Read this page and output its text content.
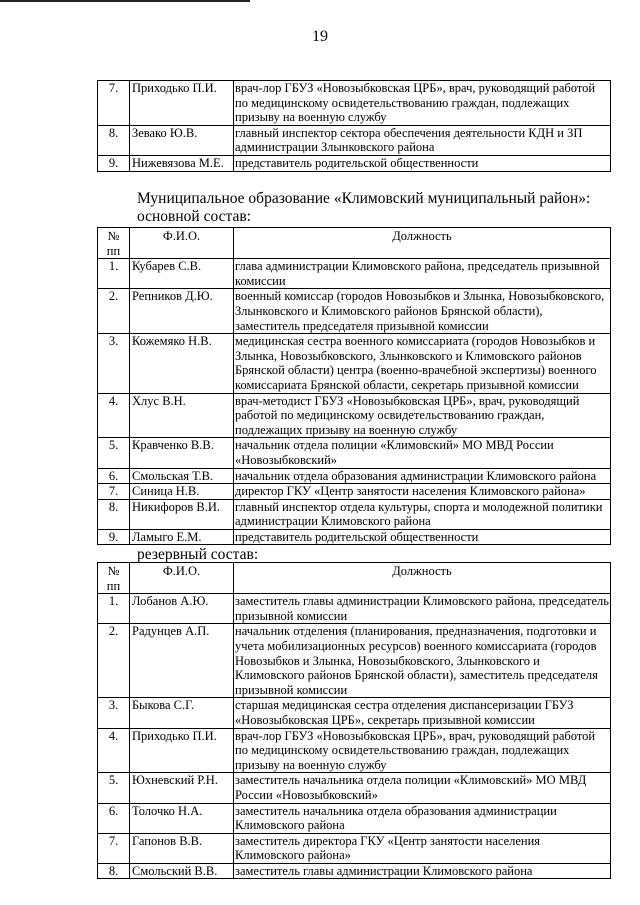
19
7.	Приходько П.И.	врач-лор ГБУЗ «Новозыбковская ЦРБ», врач, руководящий работой по медицинскому освидетельствованию граждан, подлежащих призыву на военную службу
8.	Зевако Ю.В.	главный инспектор сектора обеспечения деятельности КДН и ЗП администрации Злынковского района
9.	Нижевязова М.Е.	представитель родительской общественности
Муниципальное образование «Климовский муниципальный район»:
основной состав:
№ пп	Ф.И.О.	Должность
1.	Кубарев С.В.	глава администрации Климовского района, председатель призывной комиссии
2.	Репников Д.Ю.	военный комиссар (городов Новозыбков и Злынка, Новозыбковского, Злынковского и Климовского районов Брянской области), заместитель председателя призывной комиссии
3.	Кожемяко Н.В.	медицинская сестра военного комиссариата (городов Новозыбков и Злынка, Новозыбковского, Злынковского и Климовского районов Брянской области) центра (военно-врачебной экспертизы) военного комиссариата Брянской области, секретарь призывной комиссии
4.	Хлус В.Н.	врач-методист ГБУЗ «Новозыбковская ЦРБ», врач, руководящий работой по медицинскому освидетельствованию граждан, подлежащих призыву на военную службу
5.	Кравченко В.В.	начальник отдела полиции «Климовский» МО МВД России «Новозыбковский»
6.	Смольская Т.В.	начальник отдела образования администрации Климовского района
7.	Синица Н.В.	директор ГКУ «Центр занятости населения Климовского района»
8.	Никифоров В.И.	главный инспектор отдела культуры, спорта и молодежной политики администрации Климовского района
9.	Ламыго Е.М.	представитель родительской общественности
резервный состав:
№ пп	Ф.И.О.	Должность
1.	Лобанов А.Ю.	заместитель главы администрации Климовского района, председатель призывной комиссии
2.	Радунцев А.П.	начальник отделения (планирования, предназначения, подготовки и учета мобилизационных ресурсов) военного комиссариата (городов Новозыбков и Злынка, Новозыбковского, Злынковского и Климовского районов Брянской области), заместитель председателя призывной комиссии
3.	Быкова С.Г.	старшая медицинская сестра отделения диспансеризации ГБУЗ «Новозыбковская ЦРБ», секретарь призывной комиссии
4.	Приходько П.И.	врач-лор ГБУЗ «Новозыбковская ЦРБ», врач, руководящий работой по медицинскому освидетельствованию граждан, подлежащих призыву на военную службу
5.	Юхневский Р.Н.	заместитель начальника отдела полиции «Климовский» МО МВД России «Новозыбковский»
6.	Толочко Н.А.	заместитель начальника отдела образования администрации Климовского района
7.	Гапонов В.В.	заместитель директора ГКУ «Центр занятости населения Климовского района»
8.	Смольский В.В.	заместитель главы администрации Климовского района
